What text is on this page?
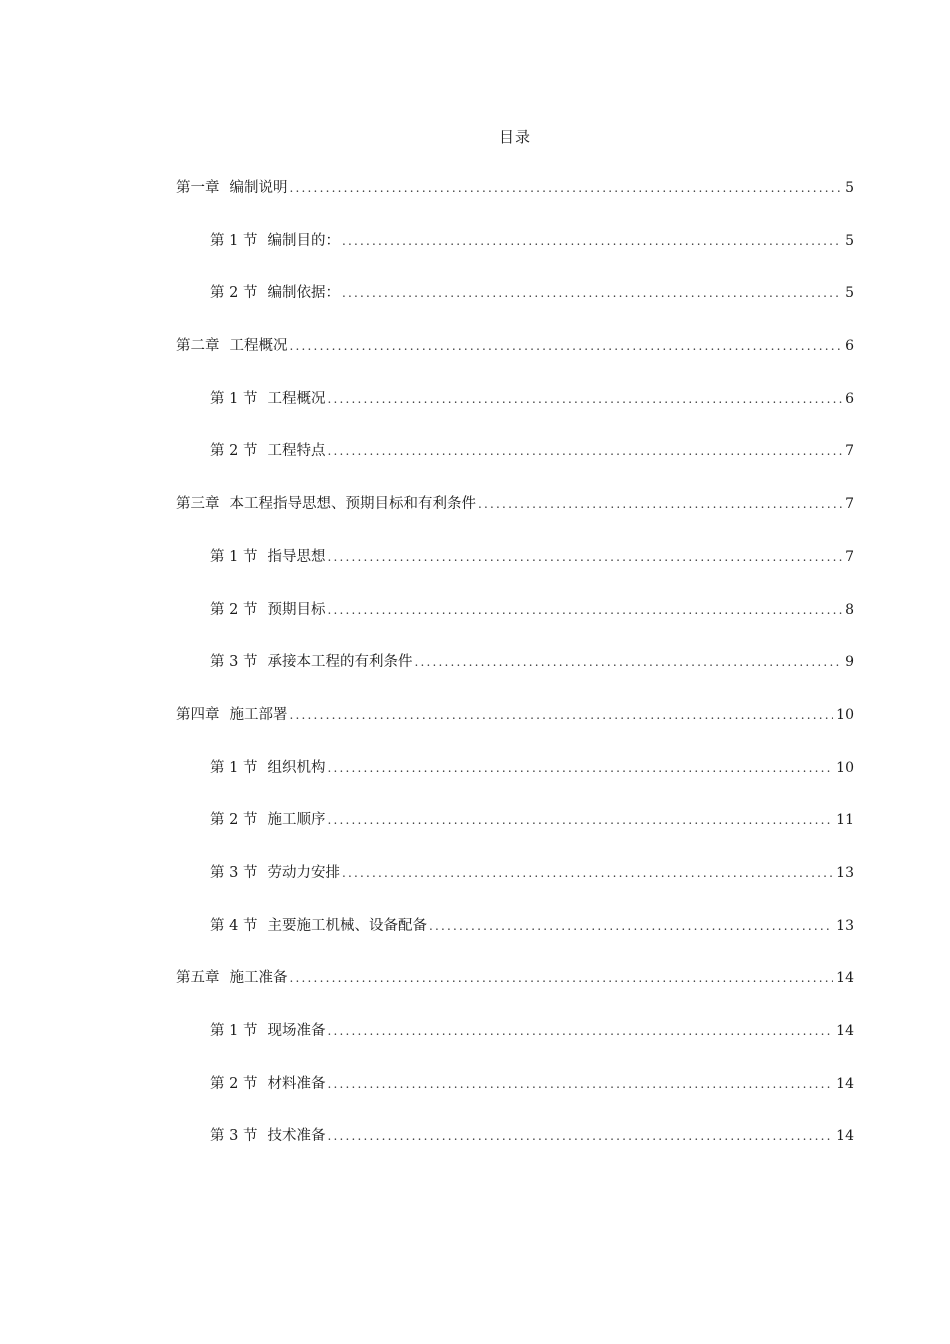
目录
第一章 编制说明 .....	5
第 1 节 编制目的： .....	5
第 2 节 编制依据： .....	5
第二章 工程概况 .....	6
第 1 节 工程概况 .....	6
第 2 节 工程特点 .....	7
第三章 本工程指导思想、预期目标和有利条件 .....	7
第 1 节 指导思想 .....	7
第 2 节 预期目标 .....	8
第 3 节 承接本工程的有利条件 .....	9
第四章 施工部署 .....	10
第 1 节 组织机构 .....	10
第 2 节 施工顺序 .....	11
第 3 节 劳动力安排 .....	13
第 4 节 主要施工机械、设备配备 .....	13
第五章 施工准备 .....	14
第 1 节 现场准备 .....	14
第 2 节 材料准备 .....	14
第 3 节 技术准备 .....	14
